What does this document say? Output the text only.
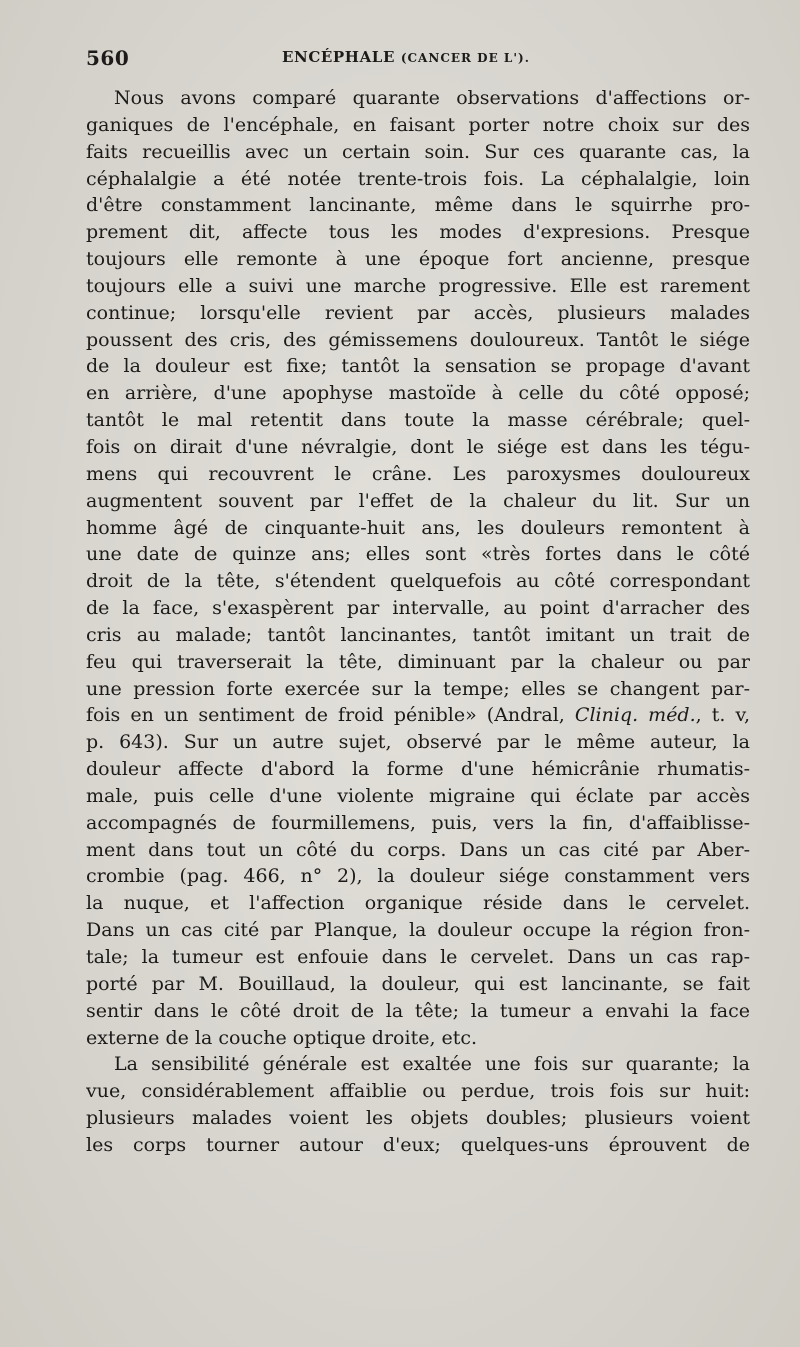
560	ENCÉPHALE (CANCER DE L').
Nous avons comparé quarante observations d'affections or-
ganiques de l'encéphale, en faisant porter notre choix sur des
faits recueillis avec un certain soin. Sur ces quarante cas, la
céphalalgie a été notée trente-trois fois. La céphalalgie, loin
d'être constamment lancinante, même dans le squirrhe pro-
prement dit, affecte tous les modes d'expresions. Presque
toujours elle remonte à une époque fort ancienne, presque
toujours elle a suivi une marche progressive. Elle est rarement
continue; lorsqu'elle revient par accès, plusieurs malades
poussent des cris, des gémissemens douloureux. Tantôt le siége
de la douleur est fixe; tantôt la sensation se propage d'avant
en arrière, d'une apophyse mastoïde à celle du côté opposé;
tantôt le mal retentit dans toute la masse cérébrale; quel-
fois on dirait d'une névralgie, dont le siége est dans les tégu-
mens qui recouvrent le crâne. Les paroxysmes douloureux
augmentent souvent par l'effet de la chaleur du lit. Sur un
homme âgé de cinquante-huit ans, les douleurs remontent à
une date de quinze ans; elles sont «très fortes dans le côté
droit de la tête, s'étendent quelquefois au côté correspondant
de la face, s'exaspèrent par intervalle, au point d'arracher des
cris au malade; tantôt lancinantes, tantôt imitant un trait de
feu qui traverserait la tête, diminuant par la chaleur ou par
une pression forte exercée sur la tempe; elles se changent par-
fois en un sentiment de froid pénible» (Andral, Cliniq. méd., t. v,
p. 643). Sur un autre sujet, observé par le même auteur, la
douleur affecte d'abord la forme d'une hémicrânie rhumatis-
male, puis celle d'une violente migraine qui éclate par accès
accompagnés de fourmillemens, puis, vers la fin, d'affaiblisse-
ment dans tout un côté du corps. Dans un cas cité par Aber-
crombie (pag. 466, n° 2), la douleur siége constamment vers
la nuque, et l'affection organique réside dans le cervelet.
Dans un cas cité par Planque, la douleur occupe la région fron-
tale; la tumeur est enfouie dans le cervelet. Dans un cas rap-
porté par M. Bouillaud, la douleur, qui est lancinante, se fait
sentir dans le côté droit de la tête; la tumeur a envahi la face
externe de la couche optique droite, etc.
La sensibilité générale est exaltée une fois sur quarante; la
vue, considérablement affaiblie ou perdue, trois fois sur huit:
plusieurs malades voient les objets doubles; plusieurs voient
les corps tourner autour d'eux; quelques-uns éprouvent de
